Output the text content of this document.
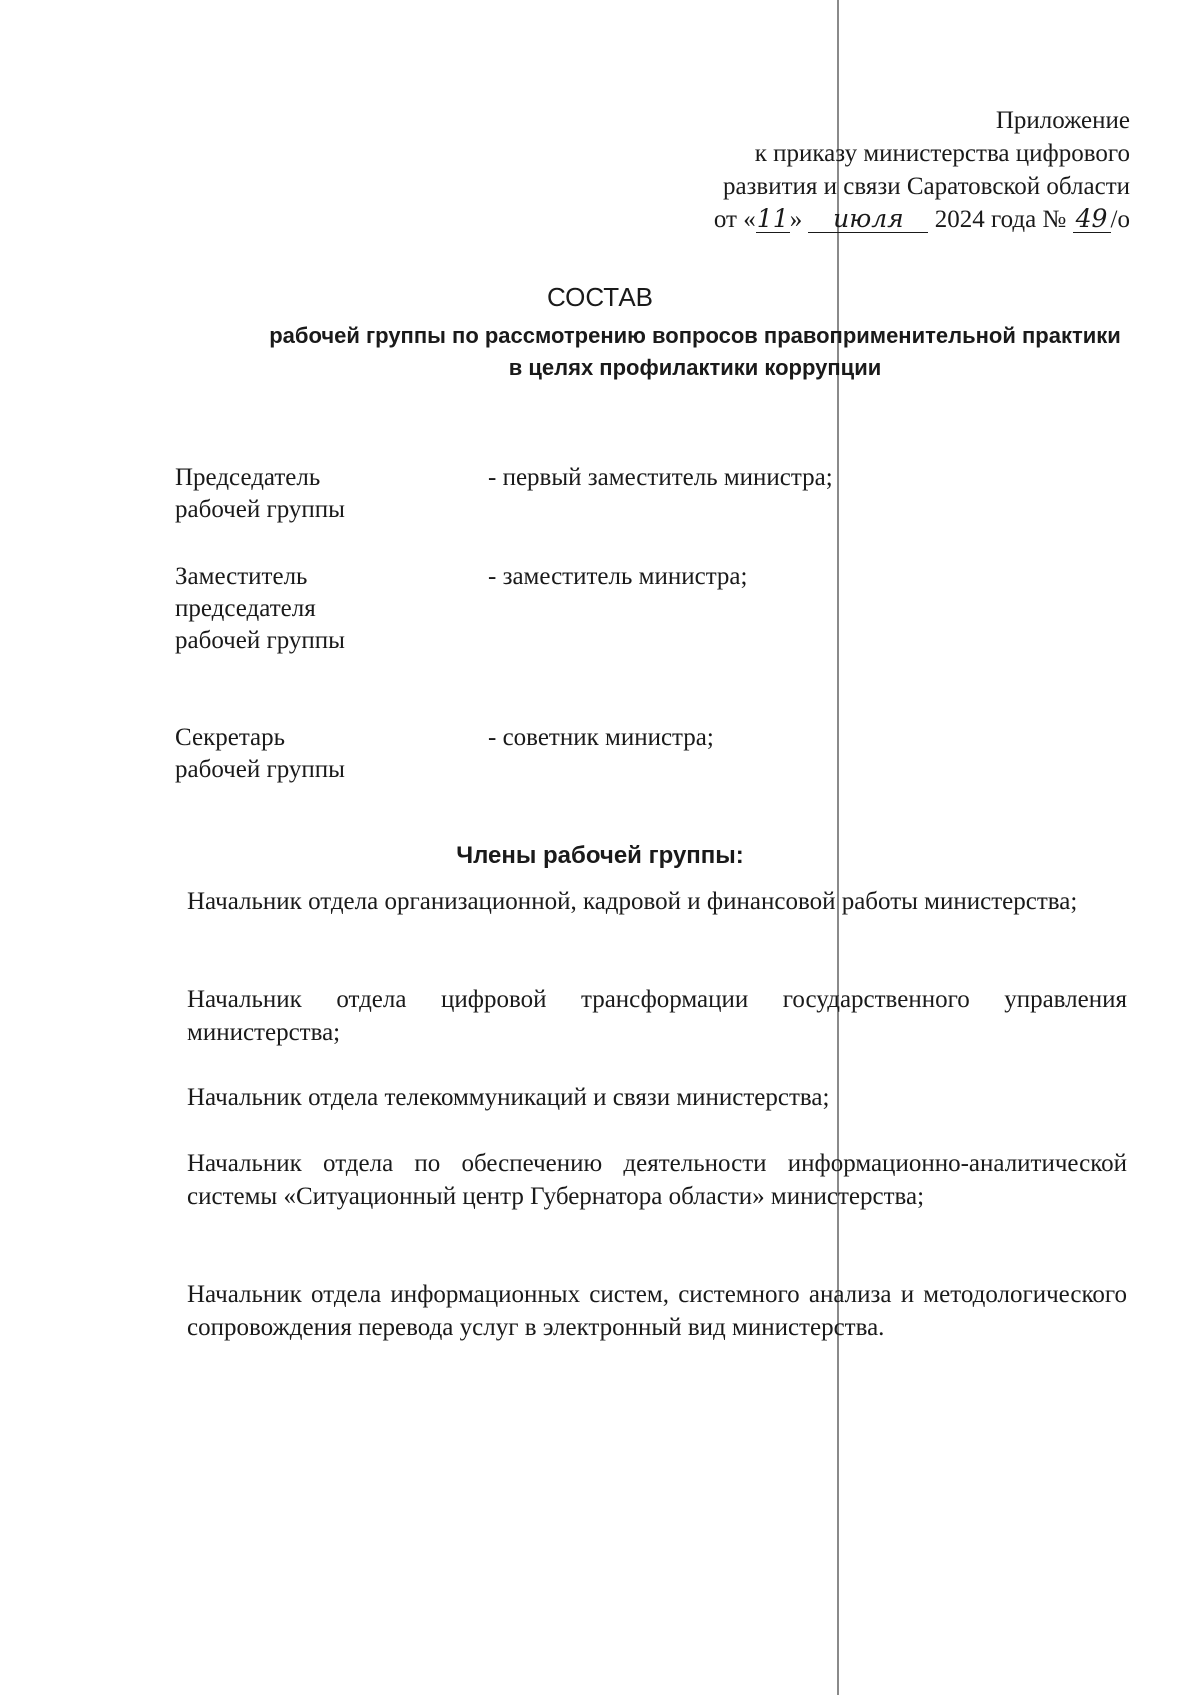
Приложение
к приказу министерства цифрового
развития и связи Саратовской области
от «11» июля 2024 года № 49 /о
СОСТАВ
рабочей группы по рассмотрению вопросов правоприменительной практики
в целях профилактики коррупции
Председатель
рабочей группы
- первый заместитель министра;
Заместитель
председателя
рабочей группы
- заместитель министра;
Секретарь
рабочей группы
- советник министра;
Члены рабочей группы:
Начальник отдела организационной, кадровой и финансовой работы министерства;
Начальник отдела цифровой трансформации государственного управления министерства;
Начальник отдела телекоммуникаций и связи министерства;
Начальник отдела по обеспечению деятельности информационно-аналитической системы «Ситуационный центр Губернатора области» министерства;
Начальник отдела информационных систем, системного анализа и методологического сопровождения перевода услуг в электронный вид министерства.
